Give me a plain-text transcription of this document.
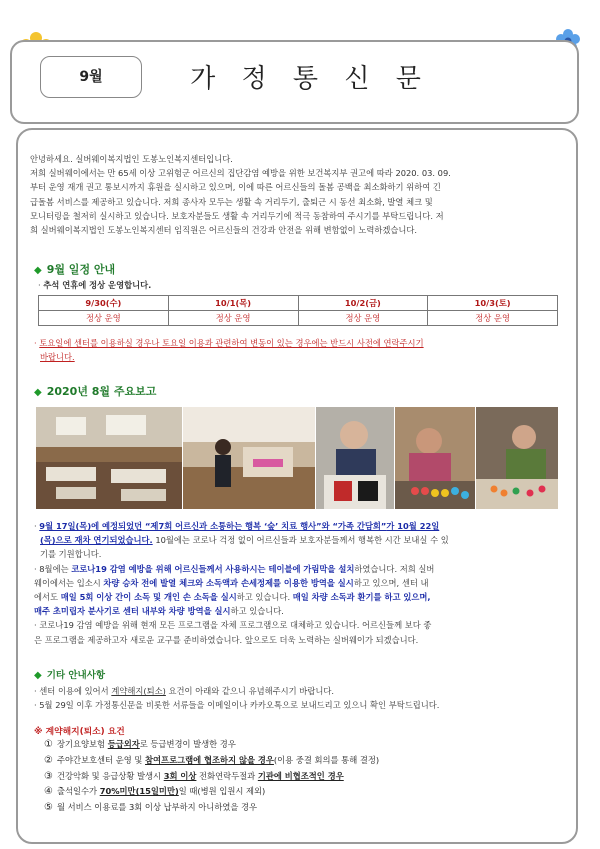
9월	가 정 통 신 문
안녕하세요. 실버웨이복지법인 도봉노인복지센터입니다.
저희 실버웨이에서는 만 65세 이상 고위험군 어르신의 집단감염 예방을 위한 보건복지부 권고에 따라 2020. 03. 09.
부터 운영 재개 권고 통보시까지 휴원을 실시하고 있으며, 이에 따른 어르신들의 돌봄 공백을 최소화하기 위하여 긴
급돌봄 서비스를 제공하고 있습니다. 저희 종사자 모두는 생활 속 거리두기, 출퇴근 시 동선 최소화, 발열 체크 및
모니터링을 철저히 실시하고 있습니다. 보호자분들도 생활 속 거리두기에 적극 동참하여 주시기를 부탁드립니다. 저
희 실버웨이복지법인 도봉노인복지센터 임직원은 어르신들의 건강과 안전을 위해 변함없이 노력하겠습니다.
◆ 9월 일정 안내
· 추석 연휴에 정상 운영합니다.
9/30(수)	10/1(목)	10/2(금)	10/3(토)
정상 운영	정상 운영	정상 운영	정상 운영
· 토요일에 센터를 이용하실 경우나 토요일 이용과 관련하여 변동이 있는 경우에는 반드시 사전에 연락주시기
바랍니다.
◆ 2020년 8월 주요보고
· 9월 17일(목)에 예정되었던 “제7회 어르신과 소통하는 행복 ‘숲’ 치료 행사”와 “가족 간담회”가 10월 22일
(목)으로 재차 연기되었습니다. 10월에는 코로나 걱정 없이 어르신들과 보호자분들께서 행복한 시간 보내실 수 있
기를 기원합니다.
· 8월에는 코로나19 감염 예방을 위해 어르신들께서 사용하시는 테이블에 가림막을 설치하였습니다. 저희 실버
웨이에서는 입소시 차량 승차 전에 발열 체크와 소독액과 손세정제를 이용한 방역을 실시하고 있으며, 센터 내
에서도 매일 5회 이상 간이 소독 및 개인 손 소독을 실시하고 있습니다. 매일 차량 소독과 환기를 하고 있으며,
매주 초미립자 분사기로 센터 내부와 차량 방역을 실시하고 있습니다.
· 코로나19 감염 예방을 위해 현재 모든 프로그램을 자체 프로그램으로 대체하고 있습니다. 어르신들께 보다 좋
은 프로그램을 제공하고자 새로운 교구를 준비하였습니다. 앞으로도 더욱 노력하는 실버웨이가 되겠습니다.
◆ 기타 안내사항
· 센터 이용에 있어서 계약해지(퇴소) 요건이 아래와 같으니 유념해주시기 바랍니다.
· 5월 29일 이후 가정통신문을 비롯한 서류들을 이메일이나 카카오톡으로 보내드리고 있으니 확인 부탁드립니다.
※ 계약해지(퇴소) 요건
① 장기요양보험 등급외자로 등급변경이 발생한 경우
② 주야간보호센터 운영 및 참여프로그램에 협조하지 않을 경우(이용 중결 회의를 통해 결정)
③ 건강악화 및 응급상황 발생시 3회 이상 전화연락두절과 기관에 비협조적인 경우
④ 출석일수가 70%미만(15일미만)일 때(병원 입원시 제외)
⑤ 월 서비스 이용료를 3회 이상 납부하지 아니하였을 경우
